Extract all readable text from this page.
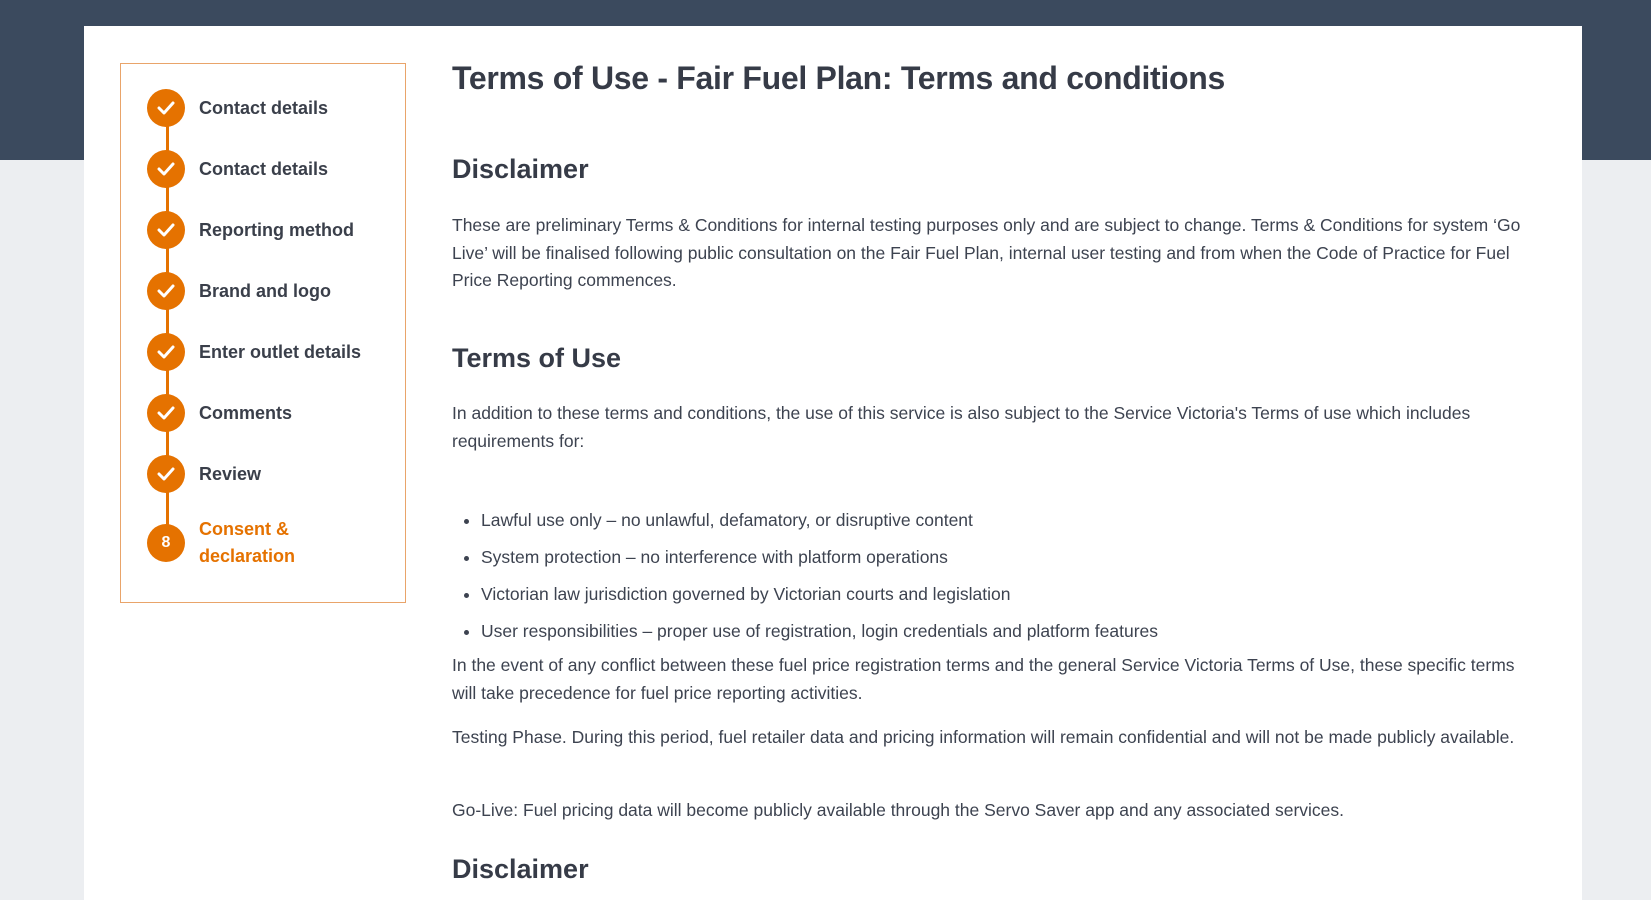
Contact details
Contact details
Reporting method
Brand and logo
Enter outlet details
Comments
Review
8
Consent & declaration
Terms of Use - Fair Fuel Plan: Terms and conditions
Disclaimer

These are preliminary Terms & Conditions for internal testing purposes only and are subject to change. Terms & Conditions for system ‘Go Live’ will be finalised following public consultation on the Fair Fuel Plan, internal user testing and from when the Code of Practice for Fuel Price Reporting commences.

Terms of Use

In addition to these terms and conditions, the use of this service is also subject to the Service Victoria's Terms of use which includes requirements for:

Lawful use only – no unlawful, defamatory, or disruptive content
System protection – no interference with platform operations
Victorian law jurisdiction governed by Victorian courts and legislation
User responsibilities – proper use of registration, login credentials and platform features

In the event of any conflict between these fuel price registration terms and the general Service Victoria Terms of Use, these specific terms will take precedence for fuel price reporting activities.

Testing Phase. During this period, fuel retailer data and pricing information will remain confidential and will not be made publicly available.

Go-Live: Fuel pricing data will become publicly available through the Servo Saver app and any associated services.

Disclaimer
